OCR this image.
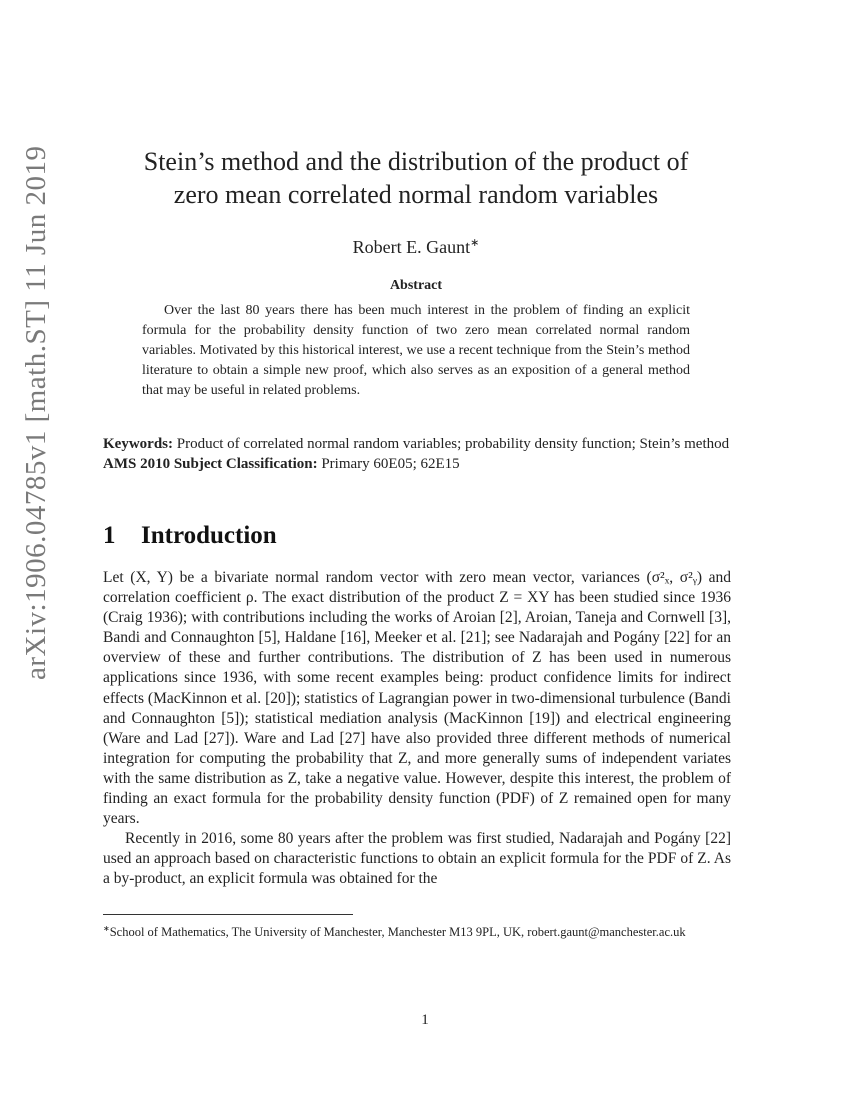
arXiv:1906.04785v1 [math.ST] 11 Jun 2019	Stein’s method and the distribution of the product of
zero mean correlated normal random variables
Robert E. Gaunt∗
Abstract
Over the last 80 years there has been much interest in the problem of finding an explicit formula for the probability density function of two zero mean correlated normal random variables. Motivated by this historical interest, we use a recent technique from the Stein’s method literature to obtain a simple new proof, which also serves as an exposition of a general method that may be useful in related problems.
Keywords: Product of correlated normal random variables; probability density function; Stein’s method
AMS 2010 Subject Classification: Primary 60E05; 62E15
1 Introduction

Let (X, Y) be a bivariate normal random vector with zero mean vector, variances (σ²ₓ, σ²ᵧ) and correlation coefficient ρ. The exact distribution of the product Z = XY has been studied since 1936 (Craig 1936); with contributions including the works of Aroian [2], Aroian, Taneja and Cornwell [3], Bandi and Connaughton [5], Haldane [16], Meeker et al. [21]; see Nadarajah and Pogány [22] for an overview of these and further contributions. The distribution of Z has been used in numerous applications since 1936, with some recent examples being: product confidence limits for indirect effects (MacKinnon et al. [20]); statistics of Lagrangian power in two-dimensional turbulence (Bandi and Connaughton [5]); statistical mediation analysis (MacKinnon [19]) and electrical engineering (Ware and Lad [27]). Ware and Lad [27] have also provided three different methods of numerical integration for computing the probability that Z, and more generally sums of independent variates with the same distribution as Z, take a negative value. However, despite this interest, the problem of finding an exact formula for the probability density function (PDF) of Z remained open for many years.

Recently in 2016, some 80 years after the problem was first studied, Nadarajah and Pogány [22] used an approach based on characteristic functions to obtain an explicit formula for the PDF of Z. As a by-product, an explicit formula was obtained for the

∗School of Mathematics, The University of Manchester, Manchester M13 9PL, UK, robert.gaunt@manchester.ac.uk
1
